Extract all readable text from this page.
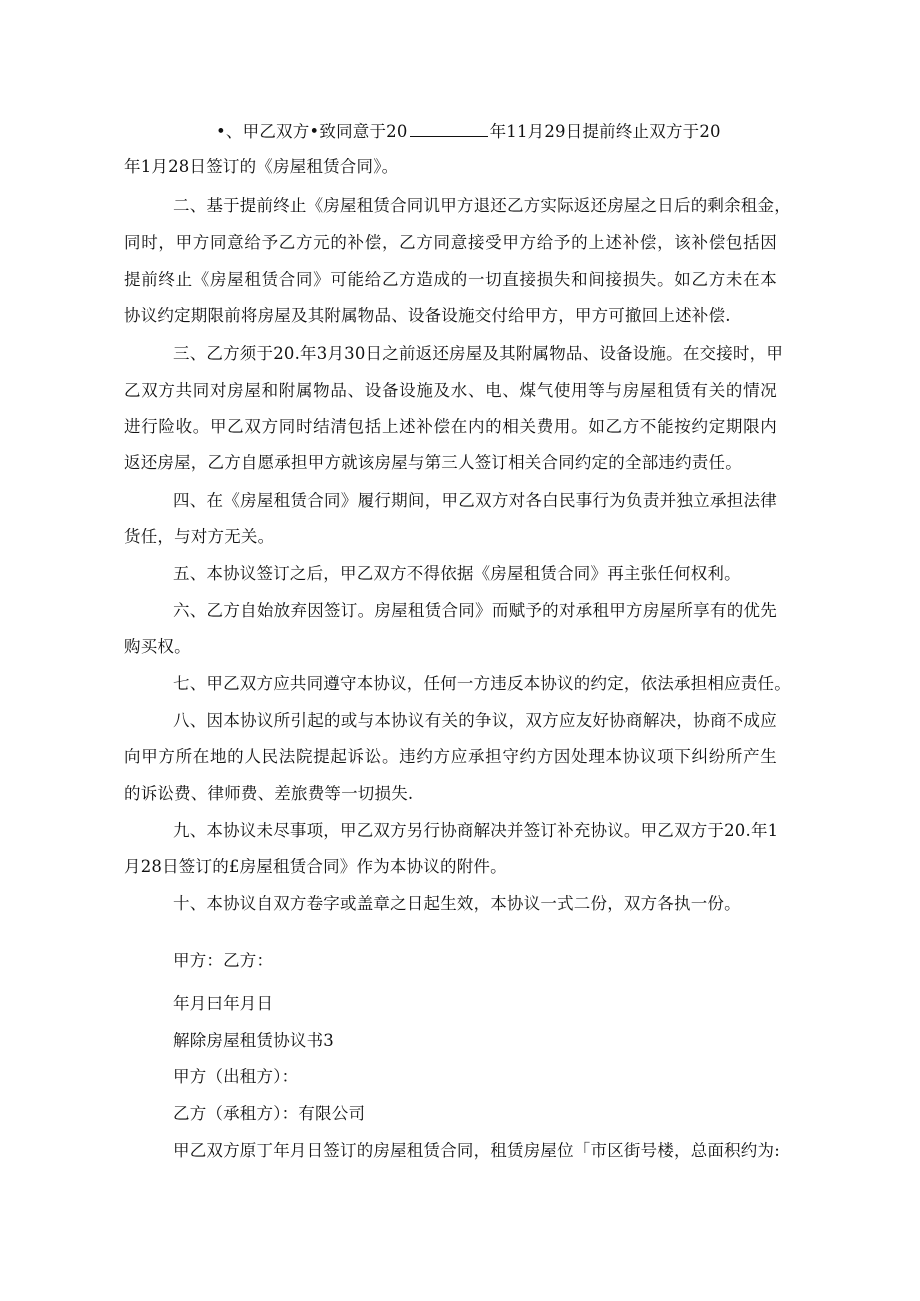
•、甲乙双方•致同意于20	年11月29日提前终止双方于20
年1月28日签订的《房屋租赁合同》。
二、基于提前终止《房屋租赁合同讥甲方退还乙方实际返还房屋之日后的剩余租金，
同时，甲方同意给予乙方元的补偿，乙方同意接受甲方给予的上述补偿，该补偿包括因
提前终止《房屋租赁合同》可能给乙方造成的一切直接损失和间接损失。如乙方未在本
协议约定期限前将房屋及其附属物品、设备设施交付给甲方，甲方可撤回上述补偿.
三、乙方须于20.年3月30日之前返还房屋及其附属物品、设备设施。在交接时，甲
乙双方共同对房屋和附属物品、设备设施及水、电、煤气使用等与房屋租赁有关的情况
进行险收。甲乙双方同时结清包括上述补偿在内的相关费用。如乙方不能按约定期限内
返还房屋，乙方自愿承担甲方就该房屋与第三人签订相关合同约定的全部违约责任。
四、在《房屋租赁合同》履行期间，甲乙双方对各白民事行为负责并独立承担法律
货任，与对方无关。
五、本协议签订之后，甲乙双方不得依据《房屋租赁合同》再主张任何权利。
六、乙方自始放弃因签订。房屋租赁合同》而赋予的对承租甲方房屋所享有的优先
购买权。
七、甲乙双方应共同遵守本协议，任何一方违反本协议的约定，依法承担相应责任。
八、因本协议所引起的或与本协议有关的争议，双方应友好协商解决，协商不成应
向甲方所在地的人民法院提起诉讼。违约方应承担守约方因处理本协议项下纠纷所产生
的诉讼费、律师费、差旅费等一切损失.
九、本协议未尽事项，甲乙双方另行协商解决并签订补充协议。甲乙双方于20.年1
月28日签订的£房屋租赁合同》作为本协议的附件。
十、本协议自双方卷字或盖章之日起生效，本协议一式二份，双方各执一份。
甲方：乙方：
年月曰年月日
解除房屋租赁协议书3
甲方（出租方）：
乙方（承租方）：有限公司
甲乙双方原丁年月日签订的房屋租赁合同，租赁房屋位「市区街号楼，总面积约为:
